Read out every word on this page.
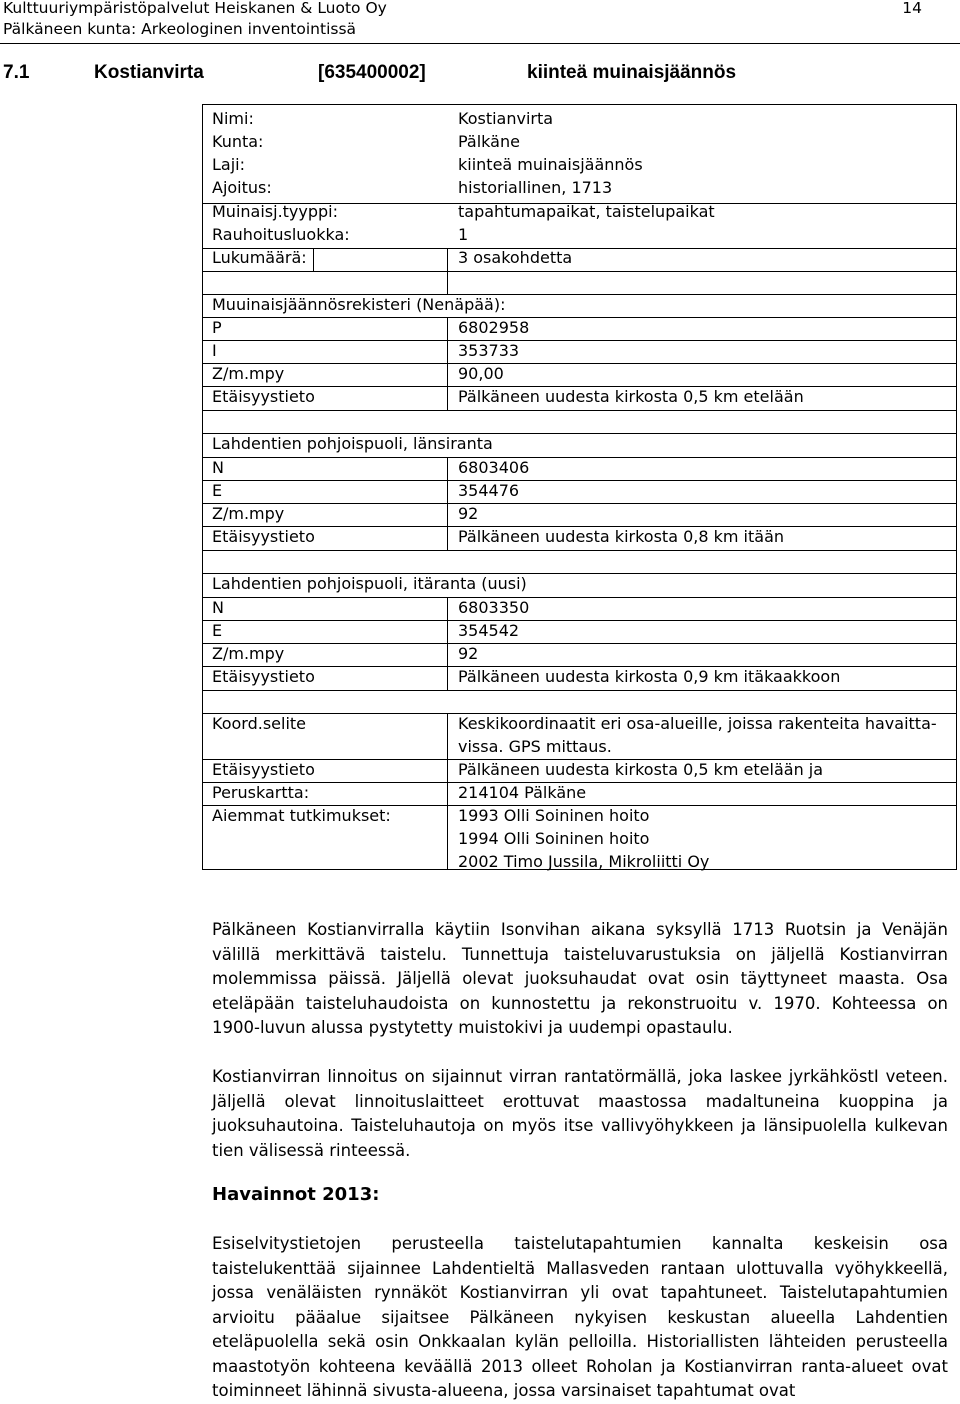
Kulttuuriympäristöpalvelut Heiskanen & Luoto Oy
Pälkäneen kunta: Arkeologinen inventointissä
14
7.1	Kostianvirta	[635400002]	kiinteä muinaisjäännös
Nimi:	Kostianvirta
Kunta:	Pälkäne
Laji:	kiinteä muinaisjäännös
Ajoitus:	historiallinen, 1713
Muinaisj.tyyppi:	tapahtumapaikat, taistelupaikat
Rauhoitusluokka:	1
Lukumäärä:	3 osakohdetta
Muuinaisjäännösrekisteri (Nenäpää):
P	6802958
I	353733
Z/m.mpy	90,00
Etäisyystieto	Pälkäneen uudesta kirkosta 0,5 km etelään
Lahdentien pohjoispuoli, länsiranta
N	6803406
E	354476
Z/m.mpy	92
Etäisyystieto	Pälkäneen uudesta kirkosta 0,8 km itään
Lahdentien pohjoispuoli, itäranta (uusi)
N	6803350
E	354542
Z/m.mpy	92
Etäisyystieto	Pälkäneen uudesta kirkosta 0,9 km itäkaakkoon
Koord.selite	Keskikoordinaatit eri osa-alueille, joissa rakenteita havaitta-
vissa. GPS mittaus.
Etäisyystieto	Pälkäneen uudesta kirkosta 0,5 km etelään ja
Peruskartta:	214104 Pälkäne
Aiemmat tutkimukset:	1993 Olli Soininen hoito
1994 Olli Soininen hoito
2002 Timo Jussila, Mikroliitti Oy
Pälkäneen Kostianvirralla käytiin Isonvihan aikana syksyllä 1713 Ruotsin ja Venäjän välillä merkittävä taistelu. Tunnettuja taisteluvarustuksia on jäljellä Kostianvirran molemmissa päissä. Jäljellä olevat juoksuhaudat ovat osin täyttyneet maasta. Osa eteläpään taisteluhaudoista on kunnostettu ja rekonstruoitu v. 1970. Kohteessa on 1900-luvun alussa pystytetty muistokivi ja uudempi opastaulu.
Kostianvirran linnoitus on sijainnut virran rantatörmällä, joka laskee jyrkähköstI veteen. Jäljellä olevat linnoituslaitteet erottuvat maastossa madaltuneina kuoppina ja juoksuhautoina. Taisteluhautoja on myös itse vallivyöhykkeen ja länsipuolella kulkevan tien välisessä rinteessä.
Havainnot 2013:
Esiselvitystietojen perusteella taistelutapahtumien kannalta keskeisin osa taistelukenttää sijainnee Lahdentieltä Mallasveden rantaan ulottuvalla vyöhykkeellä, jossa venäläisten rynnäköt Kostianvirran yli ovat tapahtuneet. Taistelutapahtumien arvioitu pääalue sijaitsee Pälkäneen nykyisen keskustan alueella Lahdentien eteläpuolella sekä osin Onkkaalan kylän pelloilla. Historiallisten lähteiden perusteella maastotyön kohteena keväällä 2013 olleet Roholan ja Kostianvirran ranta-alueet ovat toiminneet lähinnä sivusta-alueena, jossa varsinaiset tapahtumat ovat
